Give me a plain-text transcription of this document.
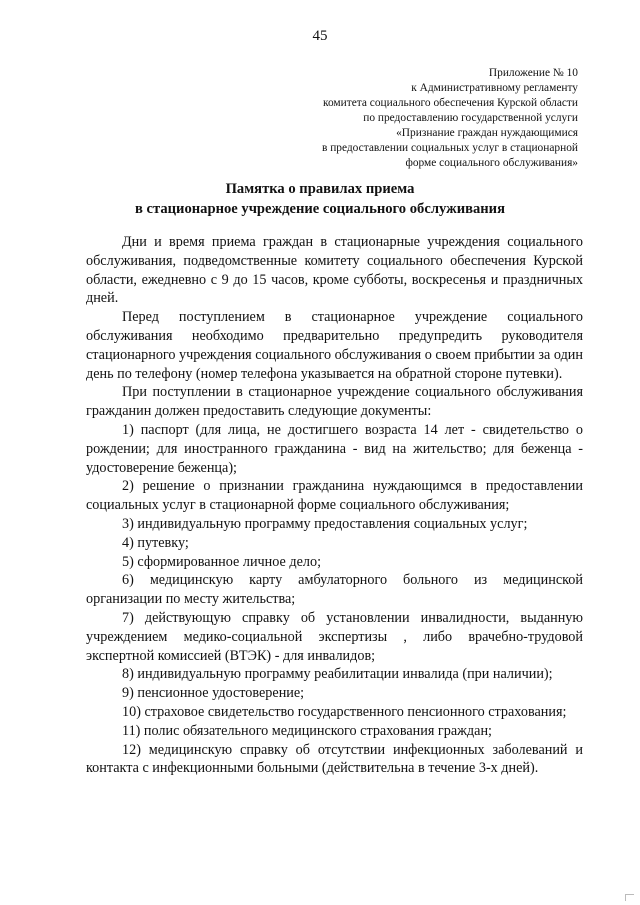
45
Приложение № 10
к Административному регламенту
комитета социального обеспечения Курской области
по предоставлению государственной услуги
«Признание граждан нуждающимися
в предоставлении социальных услуг в стационарной
форме социального обслуживания»
Памятка о правилах приема
в стационарное учреждение социального обслуживания

Дни и время приема граждан в стационарные учреждения социального обслуживания, подведомственные комитету социального обеспечения Курской области, ежедневно с 9 до 15 часов, кроме субботы, воскресенья и праздничных дней.

Перед поступлением в стационарное учреждение социального обслуживания необходимо предварительно предупредить руководителя стационарного учреждения социального обслуживания о своем прибытии за один день по телефону (номер телефона указывается на обратной стороне путевки).

При поступлении в стационарное учреждение социального обслуживания гражданин должен предоставить следующие документы:

1) паспорт (для лица, не достигшего возраста 14 лет - свидетельство о рождении; для иностранного гражданина - вид на жительство; для беженца - удостоверение беженца);
2) решение о признании гражданина нуждающимся в предоставлении социальных услуг в стационарной форме социального обслуживания;
3) индивидуальную программу предоставления социальных услуг;
4) путевку;
5) сформированное личное дело;
6) медицинскую карту амбулаторного больного из медицинской организации по месту жительства;
7) действующую справку об установлении инвалидности, выданную учреждением медико-социальной экспертизы , либо врачебно-трудовой экспертной комиссией (ВТЭК) - для инвалидов;
8) индивидуальную программу реабилитации инвалида (при наличии);
9) пенсионное удостоверение;
10) страховое свидетельство государственного пенсионного страхования;
11) полис обязательного медицинского страхования граждан;
12) медицинскую справку об отсутствии инфекционных заболеваний и контакта с инфекционными больными (действительна в течение 3-х дней).
